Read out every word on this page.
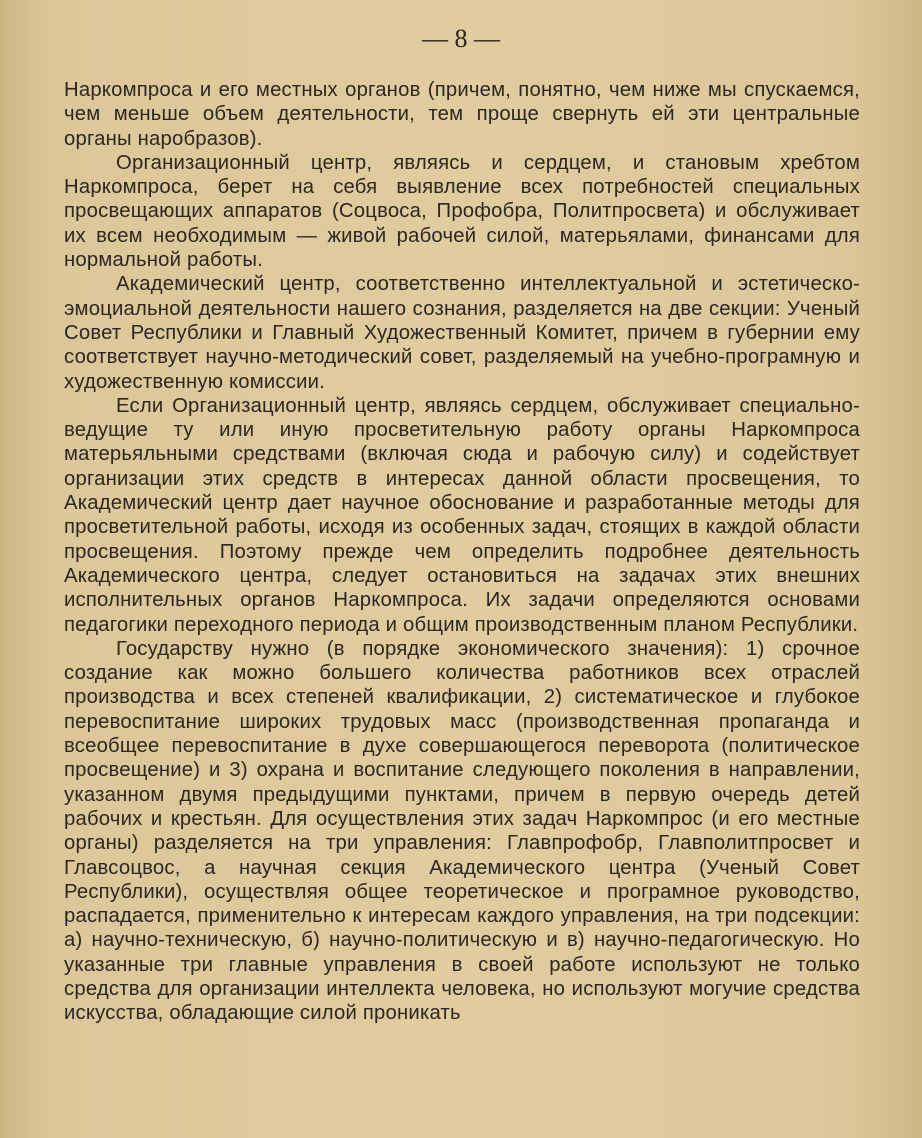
— 8 —

Наркомпроса и его местных органов (причем, понятно, чем ниже мы спускаемся, чем меньше объем деятельности, тем проще свернуть ей эти центральные органы наробразов).

Организационный центр, являясь и сердцем, и становым хребтом Наркомпроса, берет на себя выявление всех потребностей специальных просвещающих аппаратов (Соцвоса, Профобра, Политпросвета) и обслуживает их всем необходимым — живой рабочей силой, матерьялами, финансами для нормальной работы.

Академический центр, соответственно интеллектуальной и эстетическо-эмоциальной деятельности нашего сознания, разделяется на две секции: Ученый Совет Республики и Главный Художественный Комитет, причем в губернии ему соответствует научно-методический совет, разделяемый на учебно-програмную и художественную комиссии.

Если Организационный центр, являясь сердцем, обслуживает специально-ведущие ту или иную просветительную работу органы Наркомпроса матерьяльными средствами (включая сюда и рабочую силу) и содействует организации этих средств в интересах данной области просвещения, то Академический центр дает научное обоснование и разработанные методы для просветительной работы, исходя из особенных задач, стоящих в каждой области просвещения. Поэтому прежде чем определить подробнее деятельность Академического центра, следует остановиться на задачах этих внешних исполнительных органов Наркомпроса. Их задачи определяются основами педагогики переходного периода и общим производственным планом Республики.

Государству нужно (в порядке экономического значения): 1) срочное создание как можно большего количества работников всех отраслей производства и всех степеней квалификации, 2) систематическое и глубокое перевоспитание широких трудовых масс (производственная пропаганда и всеобщее перевоспитание в духе совершающегося переворота (политическое просвещение) и 3) охрана и воспитание следующего поколения в направлении, указанном двумя предыдущими пунктами, причем в первую очередь детей рабочих и крестьян. Для осуществления этих задач Наркомпрос (и его местные органы) разделяется на три управления: Главпрофобр, Главполитпросвет и Главсоцвос, а научная секция Академического центра (Ученый Совет Республики), осуществляя общее теоретическое и програмное руководство, распадается, применительно к интересам каждого управления, на три подсекции: а) научно-техническую, б) научно-политическую и в) научно-педагогическую. Но указанные три главные управления в своей работе используют не только средства для организации интеллекта человека, но используют могучие средства искусства, обладающие силой проникать
